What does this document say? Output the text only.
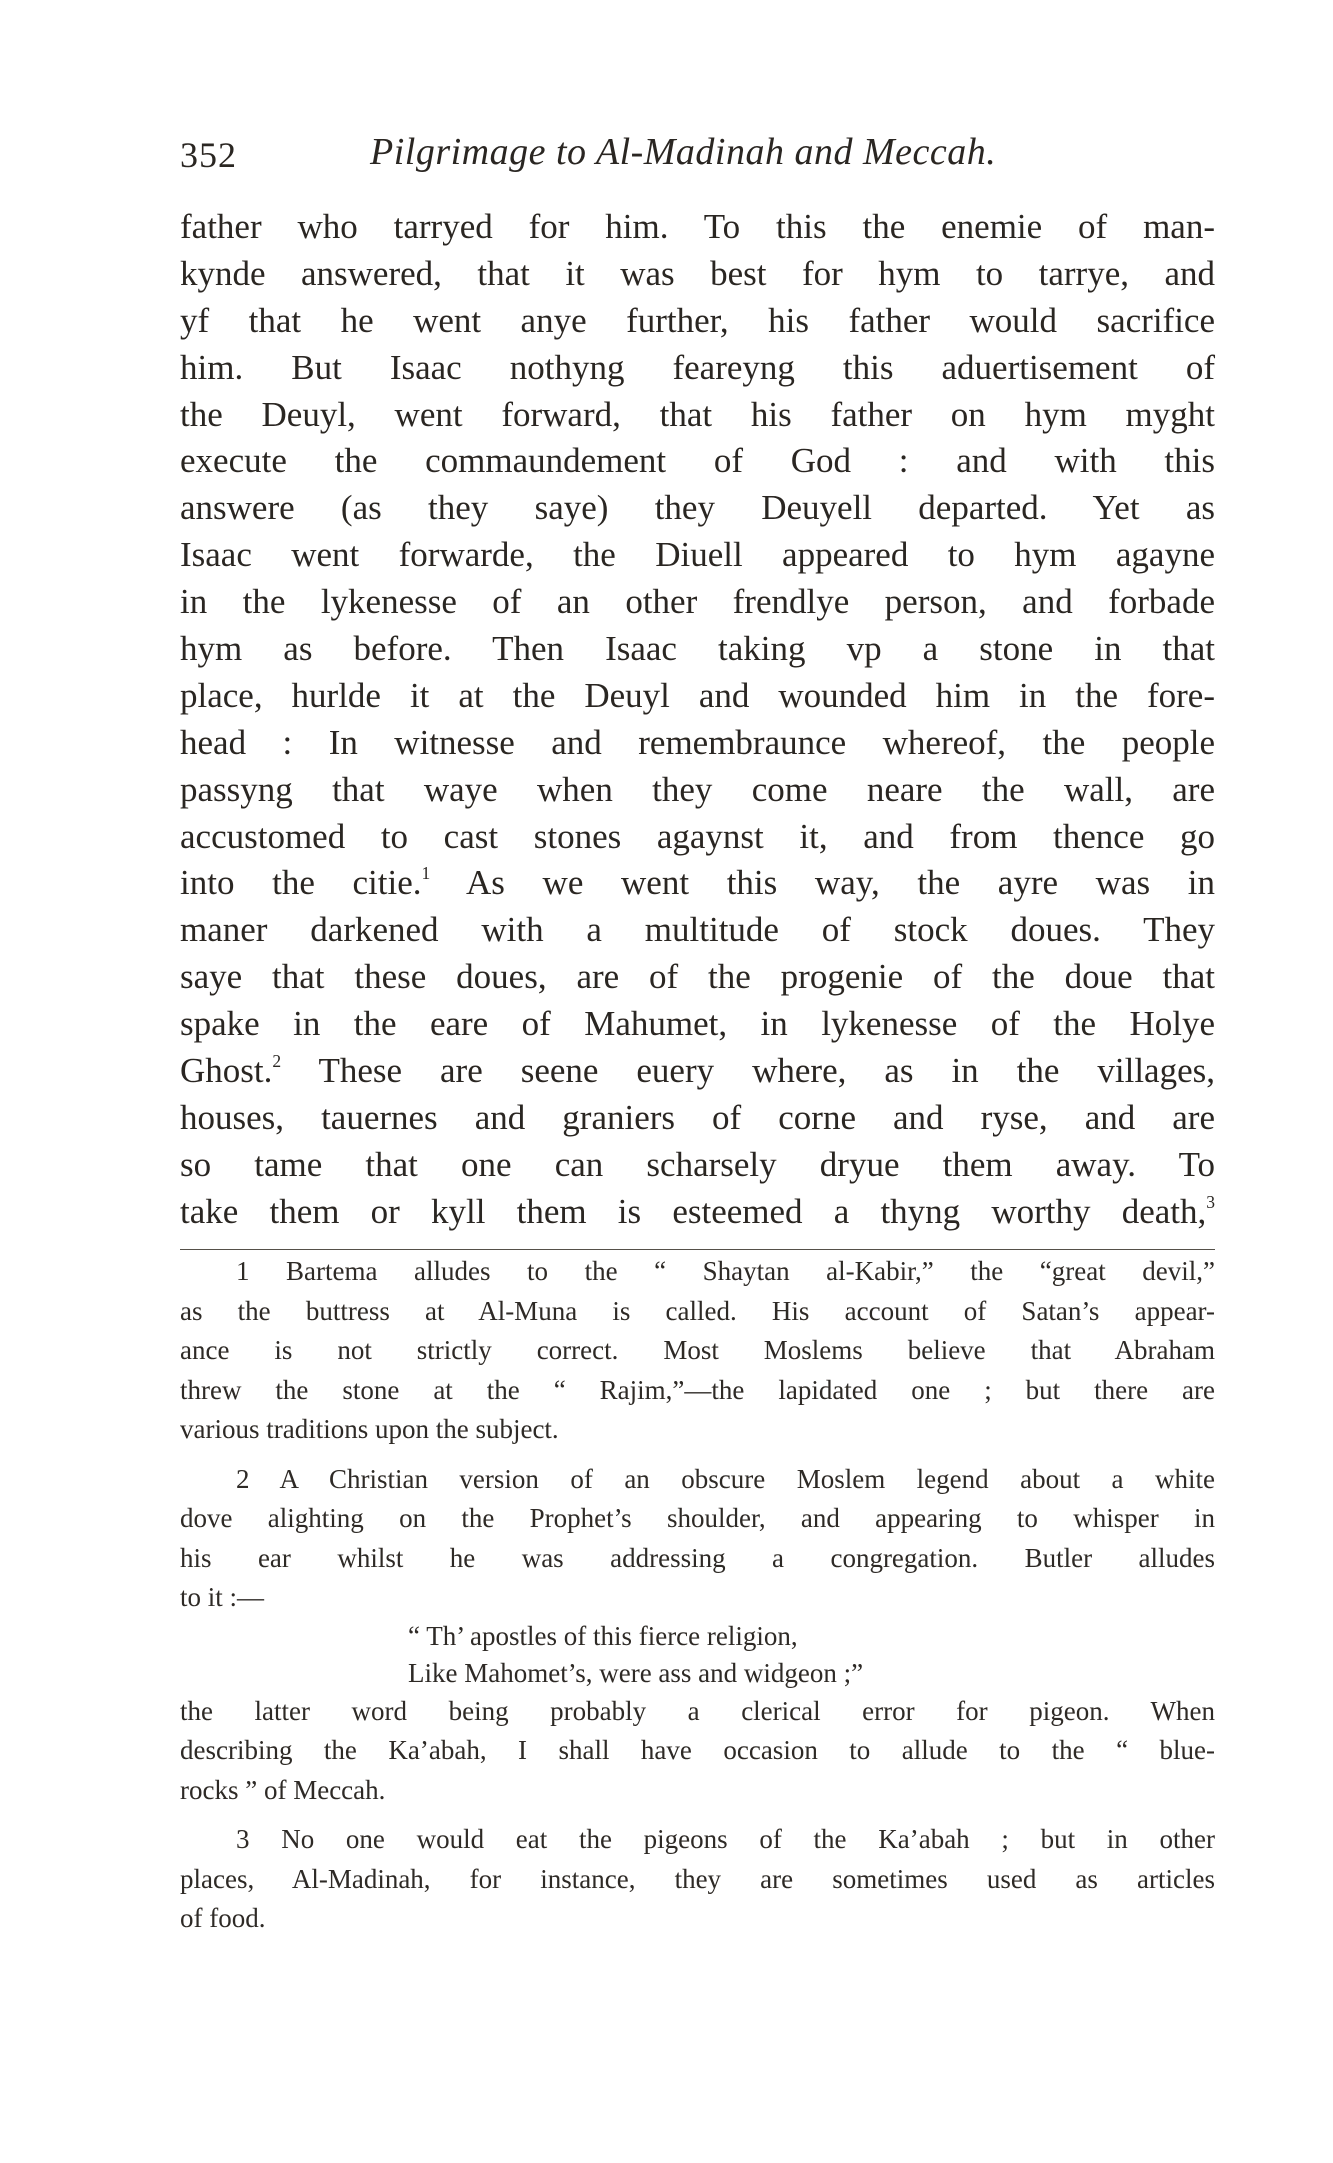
352	Pilgrimage to Al-Madinah and Meccah.
father who tarryed for him. To this the enemie of man-
kynde answered, that it was best for hym to tarrye, and
yf that he went anye further, his father would sacrifice
him. But Isaac nothyng feareyng this aduertisement of
the Deuyl, went forward, that his father on hym myght
execute the commaundement of God : and with this
answere (as they saye) they Deuyell departed. Yet as
Isaac went forwarde, the Diuell appeared to hym agayne
in the lykenesse of an other frendlye person, and forbade
hym as before. Then Isaac taking vp a stone in that
place, hurlde it at the Deuyl and wounded him in the fore-
head : In witnesse and remembraunce whereof, the people
passyng that waye when they come neare the wall, are
accustomed to cast stones agaynst it, and from thence go
into the citie.$^1$ As we went this way, the ayre was in
maner darkened with a multitude of stock doues. They
saye that these doues, are of the progenie of the doue that
spake in the eare of Mahumet, in lykenesse of the Holye
Ghost.$^2$ These are seene euery where, as in the villages,
houses, tauernes and graniers of corne and ryse, and are
so tame that one can scharsely dryue them away. To
take them or kyll them is esteemed a thyng worthy death,$^3$
1 Bartema alludes to the “ Shaytan al-Kabir,” the “great devil,”
as the buttress at Al-Muna is called. His account of Satan’s appear-
ance is not strictly correct. Most Moslems believe that Abraham
threw the stone at the “ Rajim,”—the lapidated one ; but there are
various traditions upon the subject.
2 A Christian version of an obscure Moslem legend about a white
dove alighting on the Prophet’s shoulder, and appearing to whisper in
his ear whilst he was addressing a congregation. Butler alludes
to it :—
“ Th’ apostles of this fierce religion,
Like Mahomet’s, were ass and widgeon ;”
the latter word being probably a clerical error for pigeon. When
describing the Ka’abah, I shall have occasion to allude to the “ blue-
rocks ” of Meccah.
3 No one would eat the pigeons of the Ka’abah ; but in other
places, Al-Madinah, for instance, they are sometimes used as articles
of food.
